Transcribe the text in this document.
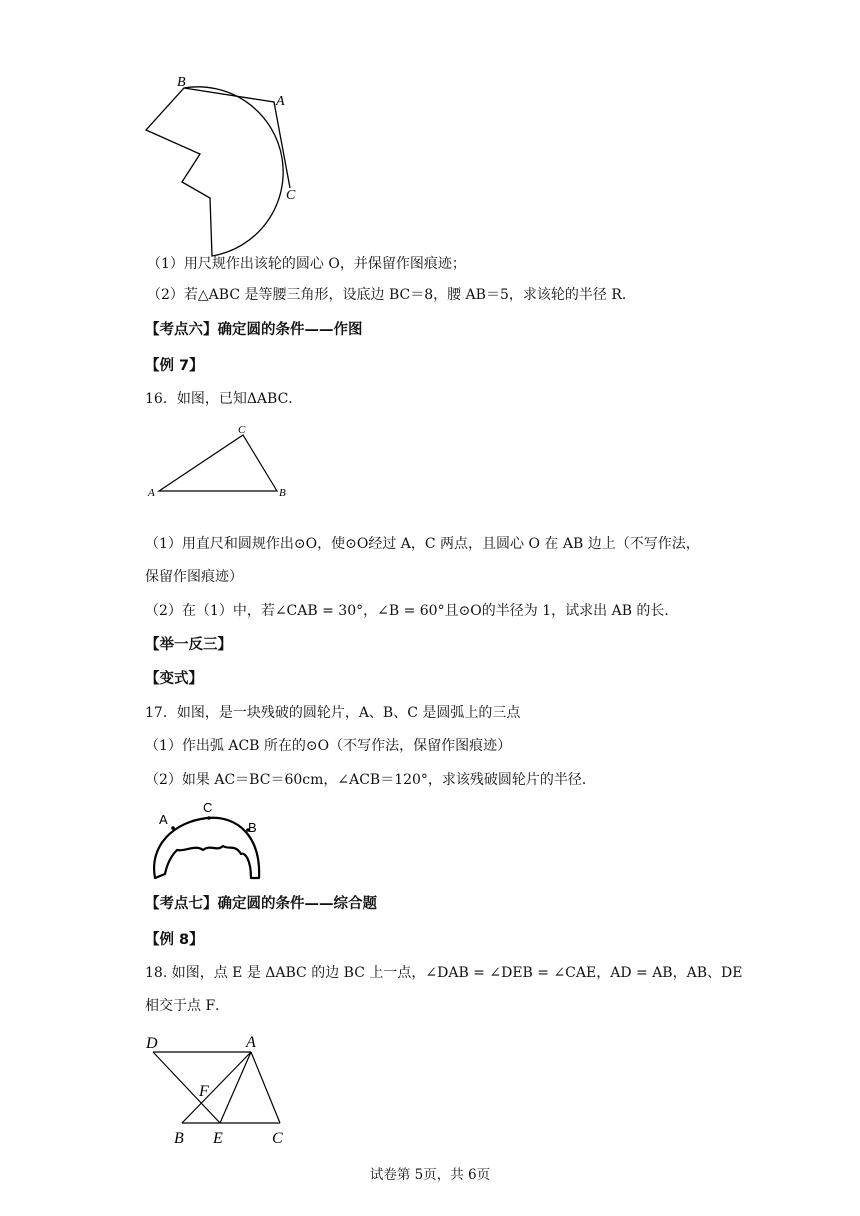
B
A
C
（1）用尺规作出该轮的圆心 O，并保留作图痕迹；
（2）若△ABC 是等腰三角形，设底边 BC＝8，腰 AB＝5，求该轮的半径 R．
【考点六】确定圆的条件——作图
【例 7】
16．如图，已知ΔABC．
A	B
C
（1）用直尺和圆规作出⊙O，使⊙O经过 A，C 两点，且圆心 O 在 AB 边上（不写作法，
保留作图痕迹）
（2）在（1）中，若∠CAB = 30°，∠B = 60°且⊙O的半径为 1，试求出 AB 的长．
【举一反三】
【变式】
17．如图，是一块残破的圆轮片，A、B、C 是圆弧上的三点
（1）作出弧 ACB 所在的⊙O（不写作法，保留作图痕迹）
（2）如果 AC＝BC＝60cm，∠ACB＝120°，求该残破圆轮片的半径．
A
C
B
【考点七】确定圆的条件——综合题
【例 8】
18. 如图，点 E 是 ΔABC 的边 BC 上一点，∠DAB = ∠DEB = ∠CAE，AD = AB，AB、DE
相交于点 F．
D	A
F
B E	C
试卷第 5页，共 6页
